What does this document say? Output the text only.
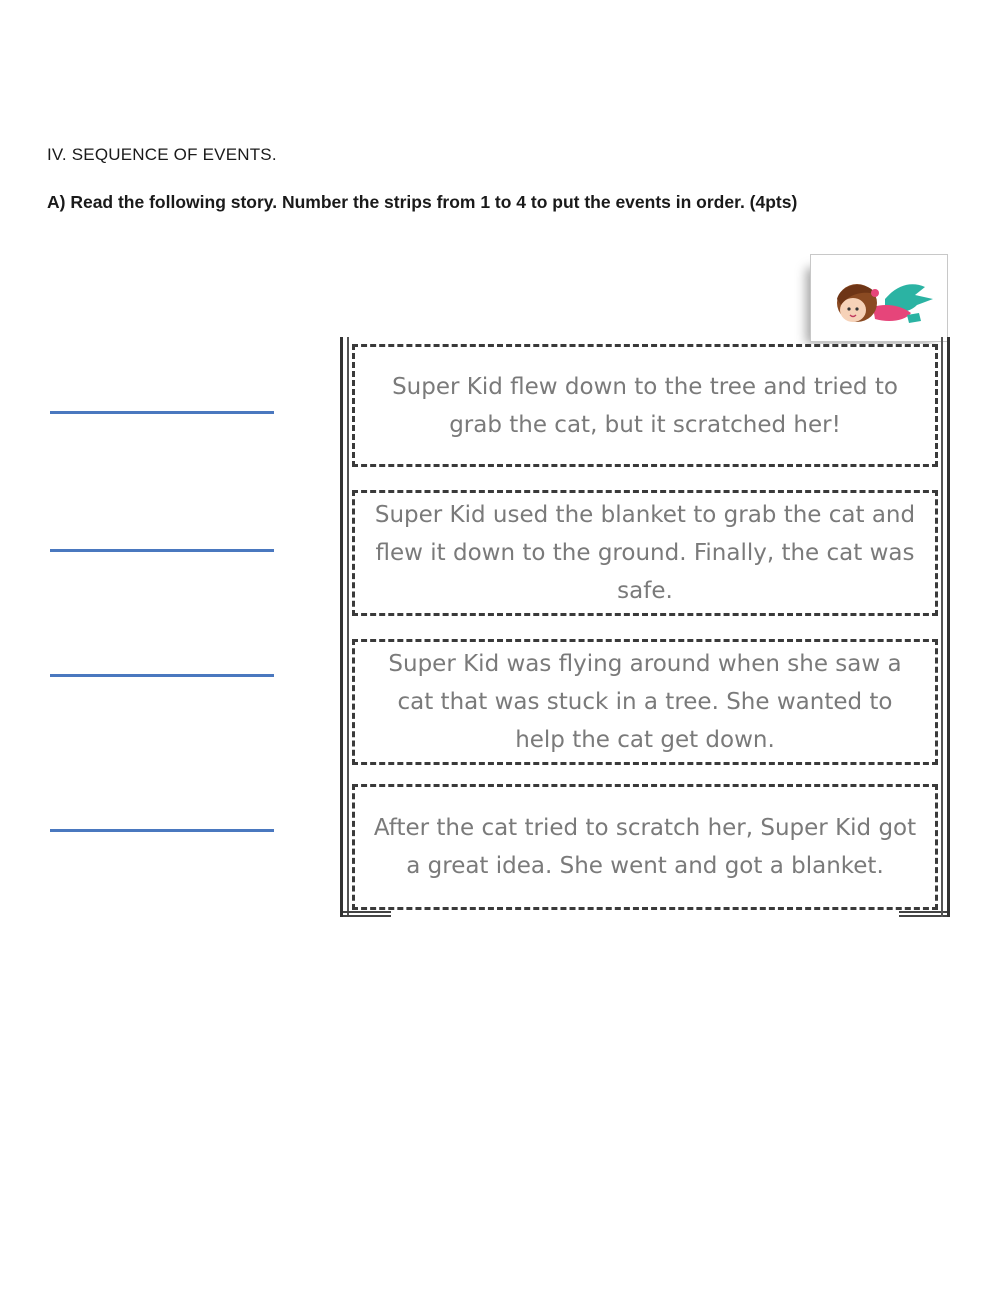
IV. SEQUENCE OF EVENTS.
A) Read the following story. Number the strips from 1 to 4 to put the events in order. (4pts)
Super Kid flew down to the tree and tried to grab the cat, but it scratched her!
Super Kid used the blanket to grab the cat and flew it down to the ground. Finally, the cat was safe.
Super Kid was flying around when she saw a cat that was stuck in a tree. She wanted to help the cat get down.
After the cat tried to scratch her, Super Kid got a great idea. She went and got a blanket.
